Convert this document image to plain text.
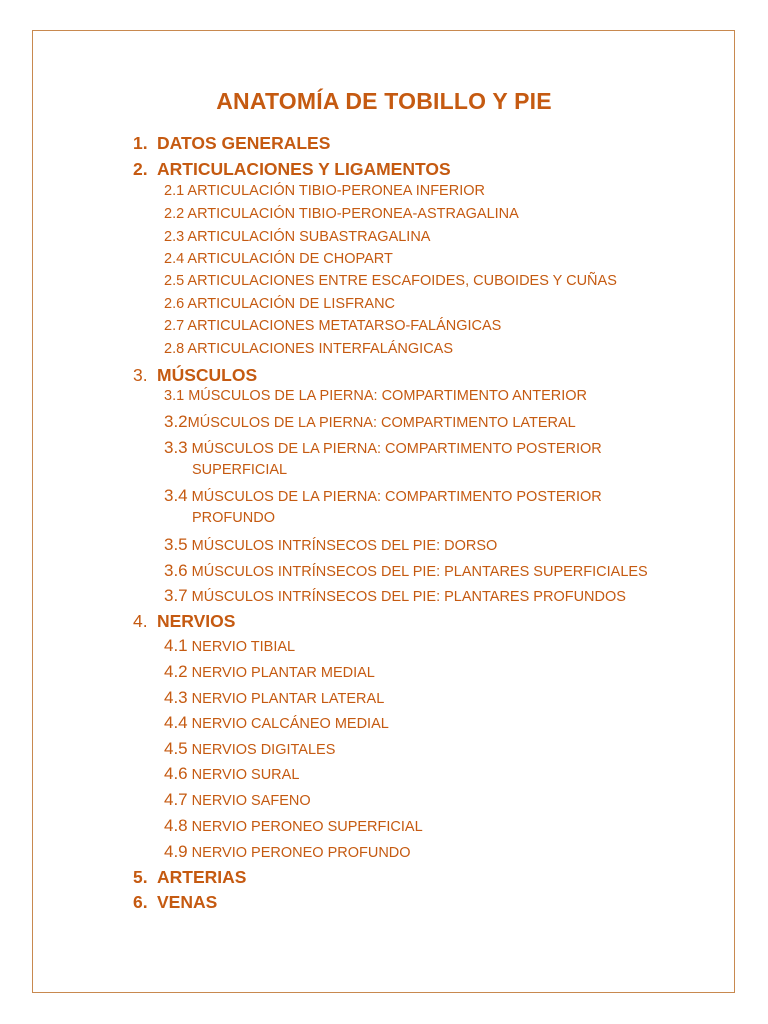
ANATOMÍA DE TOBILLO Y PIE
1. DATOS GENERALES
2. ARTICULACIONES Y LIGAMENTOS
2.1 ARTICULACIÓN TIBIO-PERONEA INFERIOR
2.2 ARTICULACIÓN TIBIO-PERONEA-ASTRAGALINA
2.3 ARTICULACIÓN SUBASTRAGALINA
2.4 ARTICULACIÓN DE CHOPART
2.5 ARTICULACIONES ENTRE ESCAFOIDES, CUBOIDES Y CUÑAS
2.6 ARTICULACIÓN DE LISFRANC
2.7 ARTICULACIONES METATARSO-FALÁNGICAS
2.8 ARTICULACIONES INTERFALÁNGICAS
3. MÚSCULOS
3.1 MÚSCULOS DE LA PIERNA: COMPARTIMENTO ANTERIOR
3.2MÚSCULOS DE LA PIERNA: COMPARTIMENTO LATERAL
3.3 MÚSCULOS DE LA PIERNA: COMPARTIMENTO POSTERIOR
SUPERFICIAL
3.4 MÚSCULOS DE LA PIERNA: COMPARTIMENTO POSTERIOR
PROFUNDO
3.5 MÚSCULOS INTRÍNSECOS DEL PIE: DORSO
3.6 MÚSCULOS INTRÍNSECOS DEL PIE: PLANTARES SUPERFICIALES
3.7 MÚSCULOS INTRÍNSECOS DEL PIE: PLANTARES PROFUNDOS
4. NERVIOS
4.1 NERVIO TIBIAL
4.2 NERVIO PLANTAR MEDIAL
4.3 NERVIO PLANTAR LATERAL
4.4 NERVIO CALCÁNEO MEDIAL
4.5 NERVIOS DIGITALES
4.6 NERVIO SURAL
4.7 NERVIO SAFENO
4.8 NERVIO PERONEO SUPERFICIAL
4.9 NERVIO PERONEO PROFUNDO
5. ARTERIAS
6. VENAS
